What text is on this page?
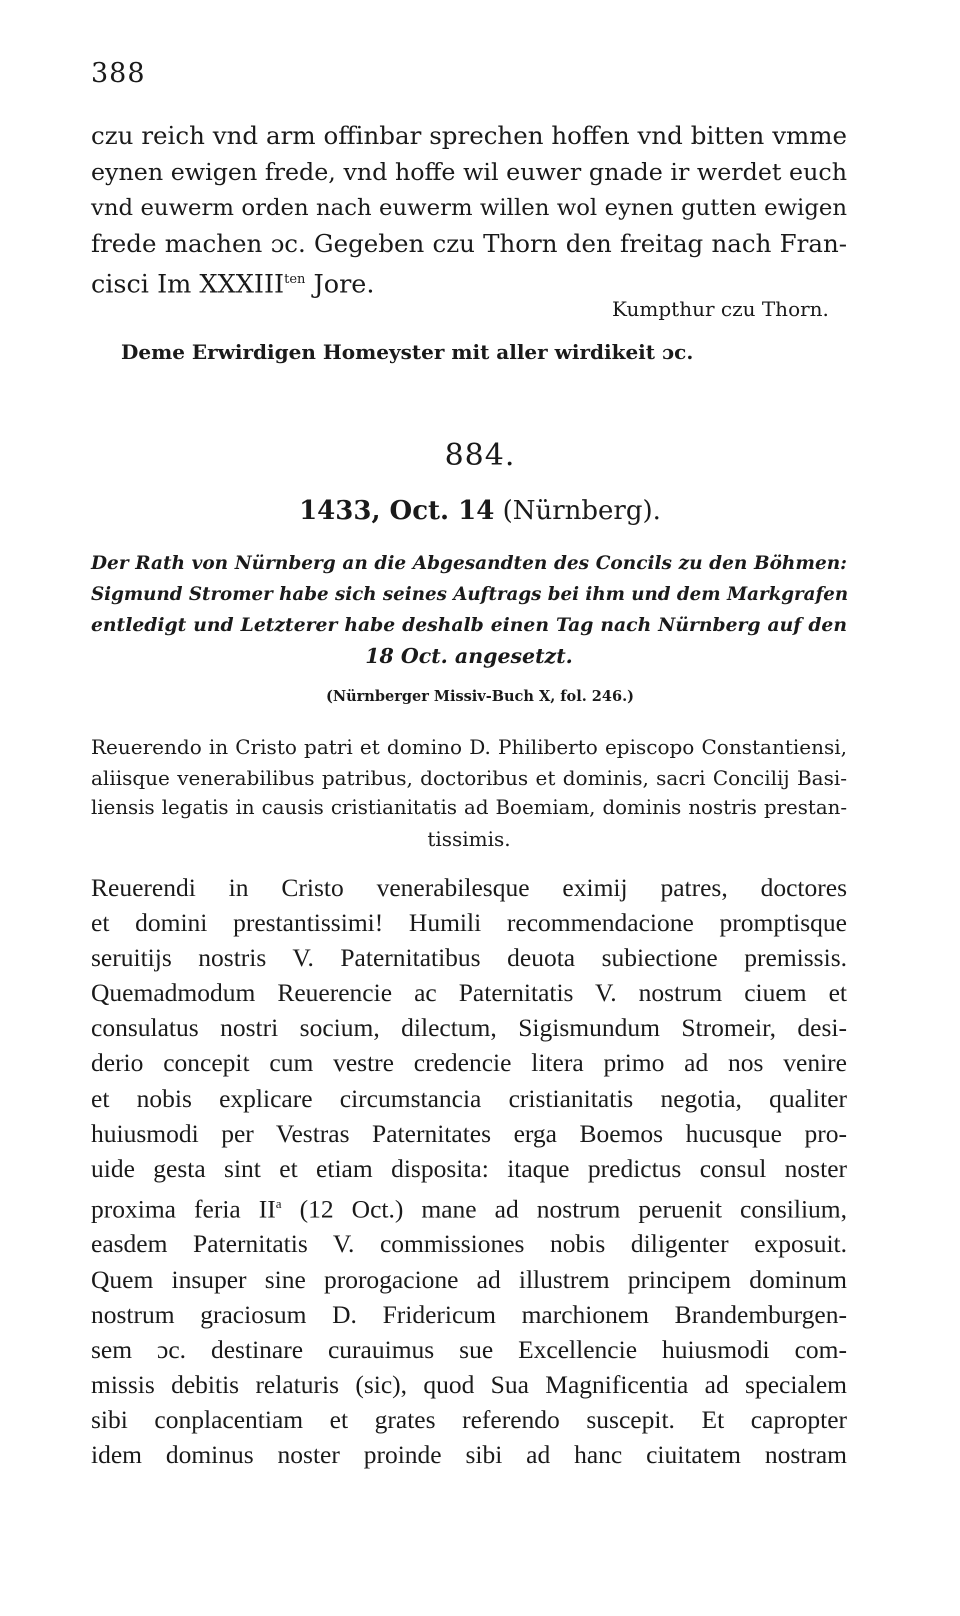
388
czu reich vnd arm offinbar sprechen hoffen vnd bitten vmme
eynen ewigen frede, vnd hoffe wil euwer gnade ir werdet euch
vnd euwerm orden nach euwerm willen wol eynen gutten ewigen
frede machen ɔc. Gegeben czu Thorn den freitag nach Fran-
cisci Im $XXXIII^{ten}$ Jore.
Kumpthur czu Thorn.
Deme Erwirdigen Homeyster mit aller wirdikeit ɔc.
884.
1433, Oct. 14 (Nürnberg).
Der Rath von Nürnberg an die Abgesandten des Concils zu den Böhmen:
Sigmund Stromer habe sich seines Auftrags bei ihm und dem Markgrafen
entledigt und Letzterer habe deshalb einen Tag nach Nürnberg auf den
18 Oct. angesetzt.
(Nürnberger Missiv-Buch X, fol. 246.)
Reuerendo in Cristo patri et domino D. Philiberto episcopo Constantiensi,
aliisque venerabilibus patribus, doctoribus et dominis, sacri Concilij Basi-
liensis legatis in causis cristianitatis ad Boemiam, dominis nostris prestan-
tissimis.
Reuerendi in Cristo venerabilesque eximij patres, doctores
et domini prestantissimi! Humili recommendacione promptisque
seruitijs nostris V. Paternitatibus deuota subiectione premissis.
Quemadmodum Reuerencie ac Paternitatis V. nostrum ciuem et
consulatus nostri socium, dilectum, Sigismundum Stromeir, desi-
derio concepit cum vestre credencie litera primo ad nos venire
et nobis explicare circumstancia cristianitatis negotia, qualiter
huiusmodi per Vestras Paternitates erga Boemos hucusque pro-
uide gesta sint et etiam disposita: itaque predictus consul noster
proxima feria $II^a$ (12 Oct.) mane ad nostrum peruenit consilium,
easdem Paternitatis V. commissiones nobis diligenter exposuit.
Quem insuper sine prorogacione ad illustrem principem dominum
nostrum graciosum D. Fridericum marchionem Brandemburgen-
sem ɔc. destinare curauimus sue Excellencie huiusmodi com-
missis debitis relaturis (sic), quod Sua Magnificentia ad specialem
sibi conplacentiam et grates referendo suscepit. Et capropter
idem dominus noster proinde sibi ad hanc ciuitatem nostram
